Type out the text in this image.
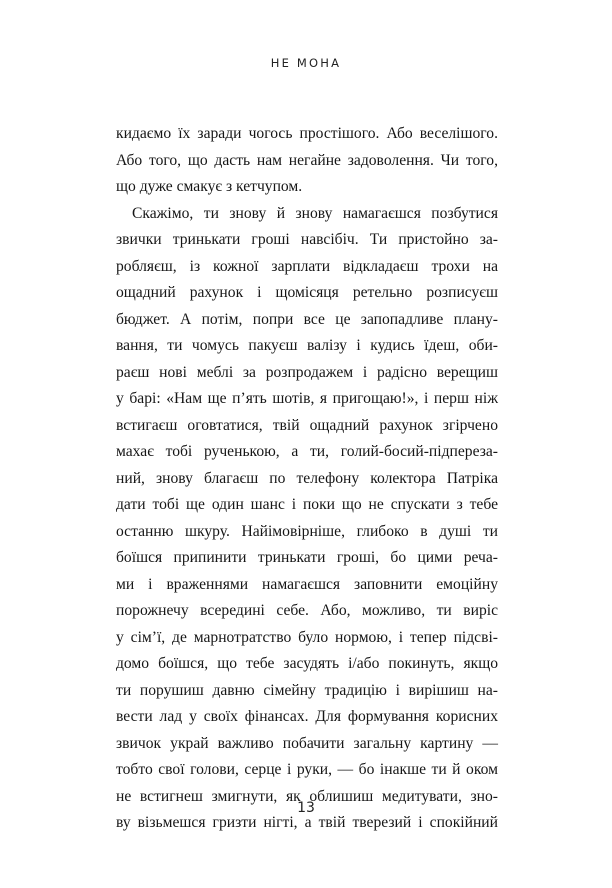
НЕ МОНА
кидаємо їх заради чогось простішого. Або веселішого.
Або того, що дасть нам негайне задоволення. Чи того,
що дуже смакує з кетчупом.
Скажімо, ти знову й знову намагаєшся позбутися
звички тринькати гроші навсібіч. Ти пристойно за-
робляєш, із кожної зарплати відкладаєш трохи на
ощадний рахунок і щомісяця ретельно розписуєш
бюджет. А потім, попри все це запопадливе плану-
вання, ти чомусь пакуєш валізу і кудись їдеш, оби-
раєш нові меблі за розпродажем і радісно верещиш
у барі: «Нам ще п’ять шотів, я пригощаю!», і перш ніж
встигаєш оговтатися, твій ощадний рахунок згірчено
махає тобі рученькою, а ти, голий-босий-підперезa-
ний, знову благаєш по телефону колектора Патріка
дати тобі ще один шанс і поки що не спускати з тебе
останню шкуру. Найімовірніше, глибоко в душі ти
боїшся припинити тринькати гроші, бо цими реча-
ми і враженнями намагаєшся заповнити емоційну
порожнечу всередині себе. Або, можливо, ти виріс
у сім’ї, де марнотратство було нормою, і тепер підсві-
домо боїшся, що тебе засудять і/або покинуть, якщо
ти порушиш давню сімейну традицію і вирішиш на-
вести лад у своїх фінансах. Для формування корисних
звичок украй важливо побачити загальну картину —
тобто свої голови, серце і руки, — бо інакше ти й оком
не встигнеш змигнути, як облишиш медитувати, зно-
ву візьмешся гризти нігті, а твій тверезий і спокійний
13
